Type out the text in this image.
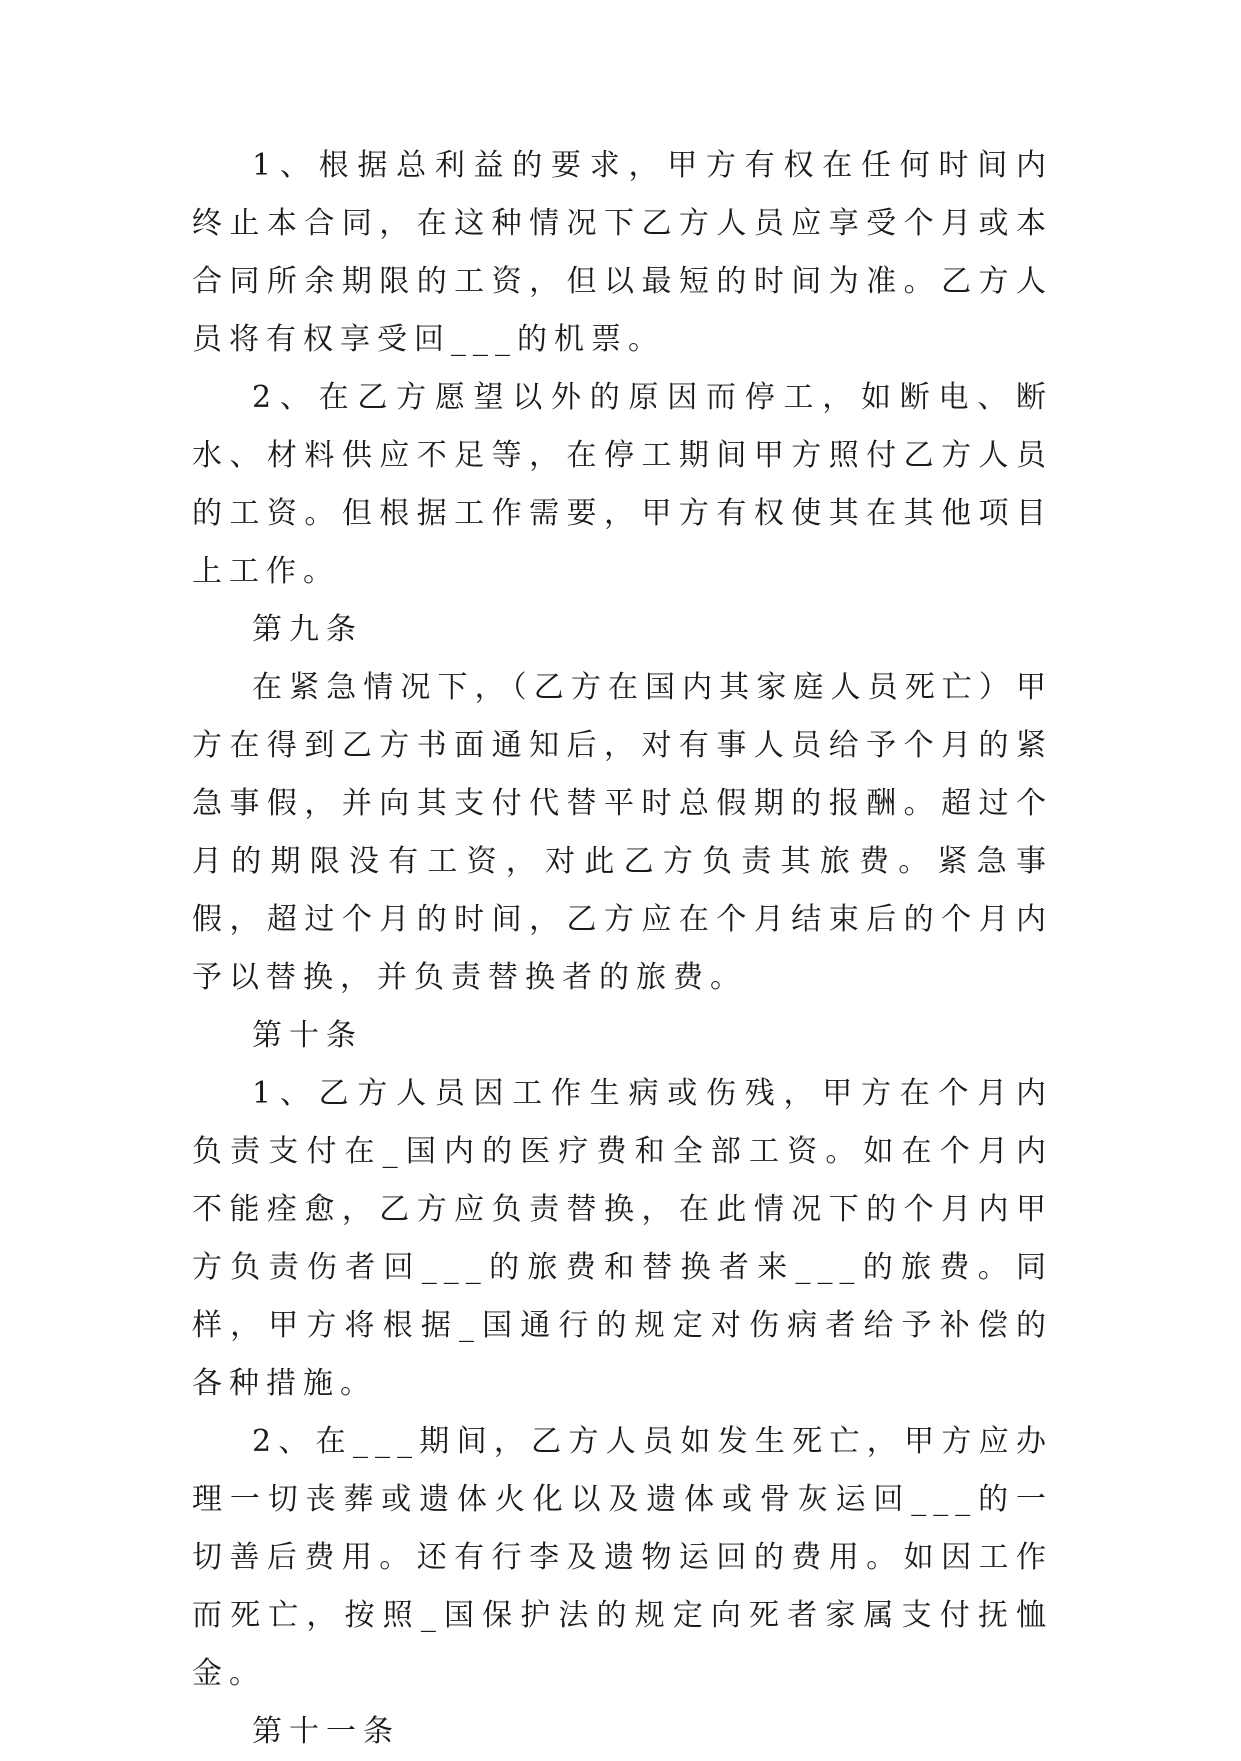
1、根据总利益的要求，甲方有权在任何时间内终止本合同，在这种情况下乙方人员应享受个月或本合同所余期限的工资，但以最短的时间为准。乙方人员将有权享受回___的机票。

2、在乙方愿望以外的原因而停工，如断电、断水、材料供应不足等，在停工期间甲方照付乙方人员的工资。但根据工作需要，甲方有权使其在其他项目上工作。

第九条

在紧急情况下，（乙方在国内其家庭人员死亡）甲方在得到乙方书面通知后，对有事人员给予个月的紧急事假，并向其支付代替平时总假期的报酬。超过个月的期限没有工资，对此乙方负责其旅费。紧急事假，超过个月的时间，乙方应在个月结束后的个月内予以替换，并负责替换者的旅费。

第十条

1、乙方人员因工作生病或伤残，甲方在个月内负责支付在_国内的医疗费和全部工资。如在个月内不能痊愈，乙方应负责替换，在此情况下的个月内甲方负责伤者回___的旅费和替换者来___的旅费。同样，甲方将根据_国通行的规定对伤病者给予补偿的各种措施。

2、在___期间，乙方人员如发生死亡，甲方应办理一切丧葬或遗体火化以及遗体或骨灰运回___的一切善后费用。还有行李及遗物运回的费用。如因工作而死亡，按照_国保护法的规定向死者家属支付抚恤金。

第十一条
